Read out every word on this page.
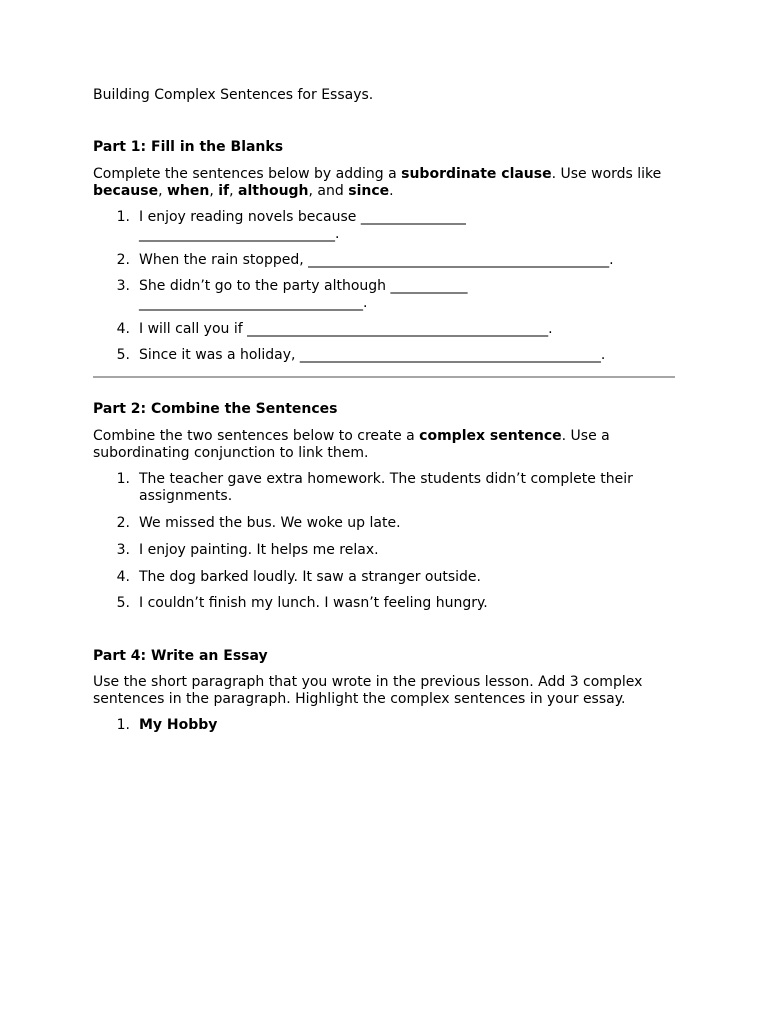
Building Complex Sentences for Essays.

Part 1: Fill in the Blanks

Complete the sentences below by adding a subordinate clause. Use words like because, when, if, although, and since.

1. I enjoy reading novels because ___________________________________________.
2. When the rain stopped, ___________________________________________.
3. She didn’t go to the party although ___________________________________________.
4. I will call you if ___________________________________________.
5. Since it was a holiday, ___________________________________________.

Part 2: Combine the Sentences

Combine the two sentences below to create a complex sentence. Use a subordinating conjunction to link them.

1. The teacher gave extra homework. The students didn’t complete their assignments.
2. We missed the bus. We woke up late.
3. I enjoy painting. It helps me relax.
4. The dog barked loudly. It saw a stranger outside.
5. I couldn’t finish my lunch. I wasn’t feeling hungry.

Part 4: Write an Essay

Use the short paragraph that you wrote in the previous lesson. Add 3 complex sentences in the paragraph. Highlight the complex sentences in your essay.

1. My Hobby
